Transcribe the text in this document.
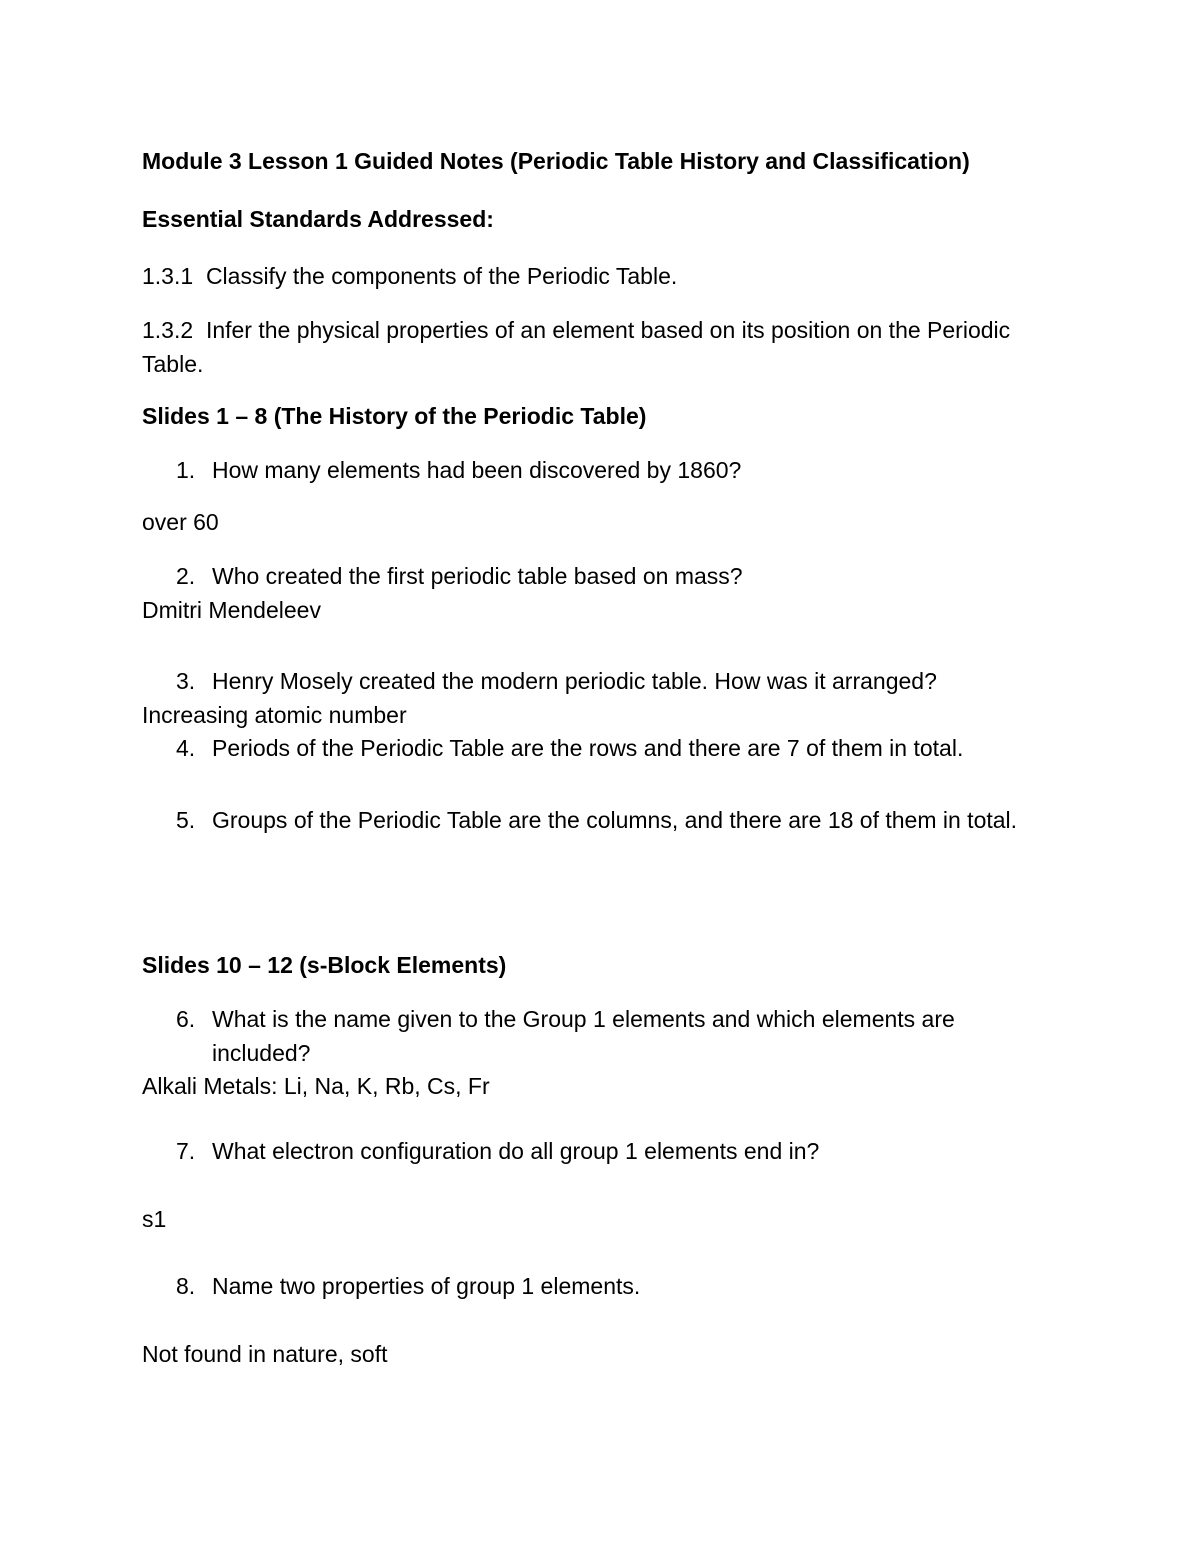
Module 3 Lesson 1 Guided Notes (Periodic Table History and Classification)
Essential Standards Addressed:
1.3.1 Classify the components of the Periodic Table.
1.3.2 Infer the physical properties of an element based on its position on the Periodic Table.
Slides 1 – 8 (The History of the Periodic Table)
1. How many elements had been discovered by 1860?
over 60
2. Who created the first periodic table based on mass?
Dmitri Mendeleev
3. Henry Mosely created the modern periodic table. How was it arranged?
Increasing atomic number
4. Periods of the Periodic Table are the rows and there are 7 of them in total.
5. Groups of the Periodic Table are the columns, and there are 18 of them in total.
Slides 10 – 12 (s-Block Elements)
6. What is the name given to the Group 1 elements and which elements are included?
Alkali Metals: Li, Na, K, Rb, Cs, Fr
7. What electron configuration do all group 1 elements end in?
s1
8. Name two properties of group 1 elements.
Not found in nature, soft
